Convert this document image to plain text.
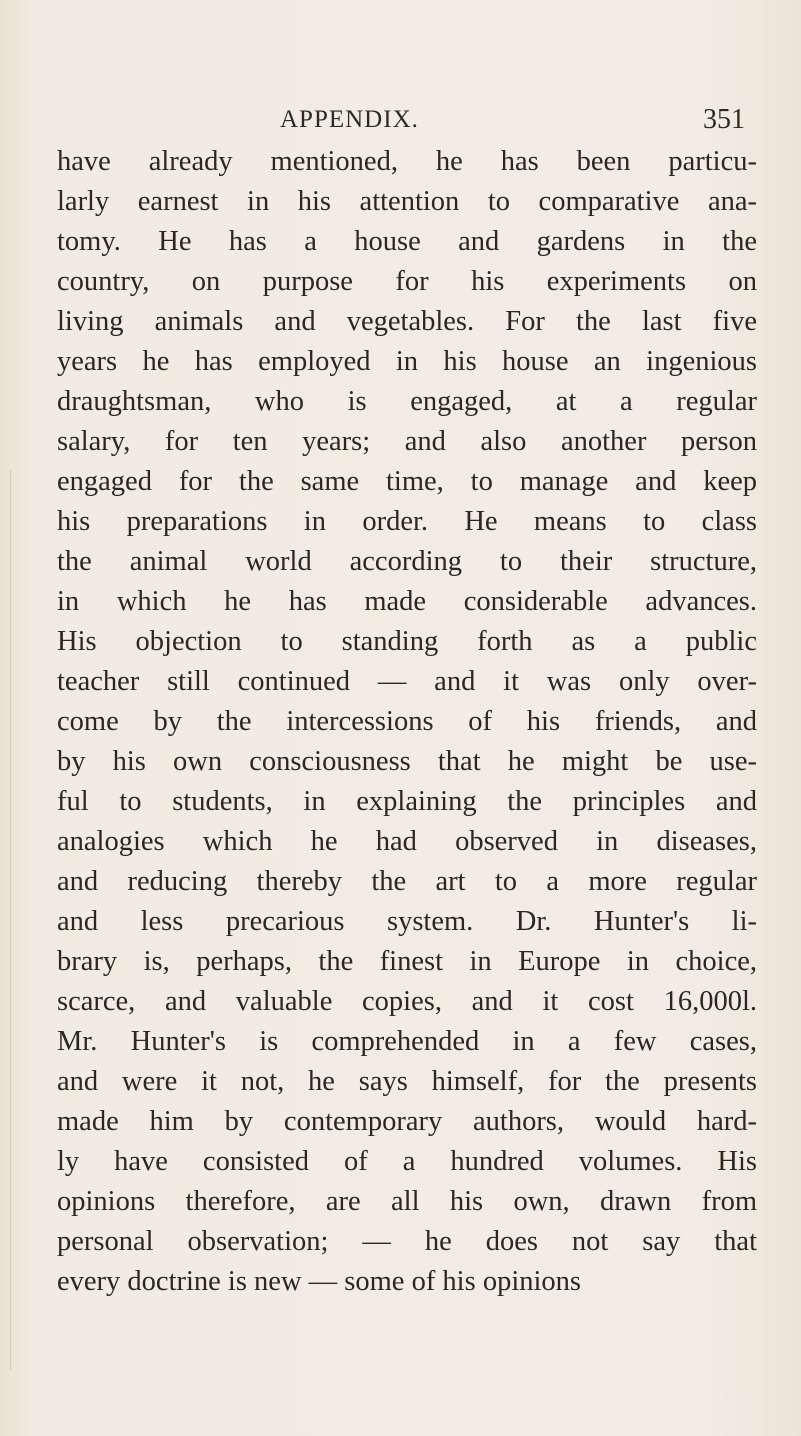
APPENDIX.	351
have already mentioned, he has been particu-
larly earnest in his attention to comparative ana-
tomy. He has a house and gardens in the
country, on purpose for his experiments on
living animals and vegetables. For the last five
years he has employed in his house an ingenious
draughtsman, who is engaged, at a regular
salary, for ten years; and also another person
engaged for the same time, to manage and keep
his preparations in order. He means to class
the animal world according to their structure,
in which he has made considerable advances.
His objection to standing forth as a public
teacher still continued — and it was only over-
come by the intercessions of his friends, and
by his own consciousness that he might be use-
ful to students, in explaining the principles and
analogies which he had observed in diseases,
and reducing thereby the art to a more regular
and less precarious system. Dr. Hunter's li-
brary is, perhaps, the finest in Europe in choice,
scarce, and valuable copies, and it cost 16,000l.
Mr. Hunter's is comprehended in a few cases,
and were it not, he says himself, for the presents
made him by contemporary authors, would hard-
ly have consisted of a hundred volumes. His
opinions therefore, are all his own, drawn from
personal observation; — he does not say that
every doctrine is new — some of his opinions
